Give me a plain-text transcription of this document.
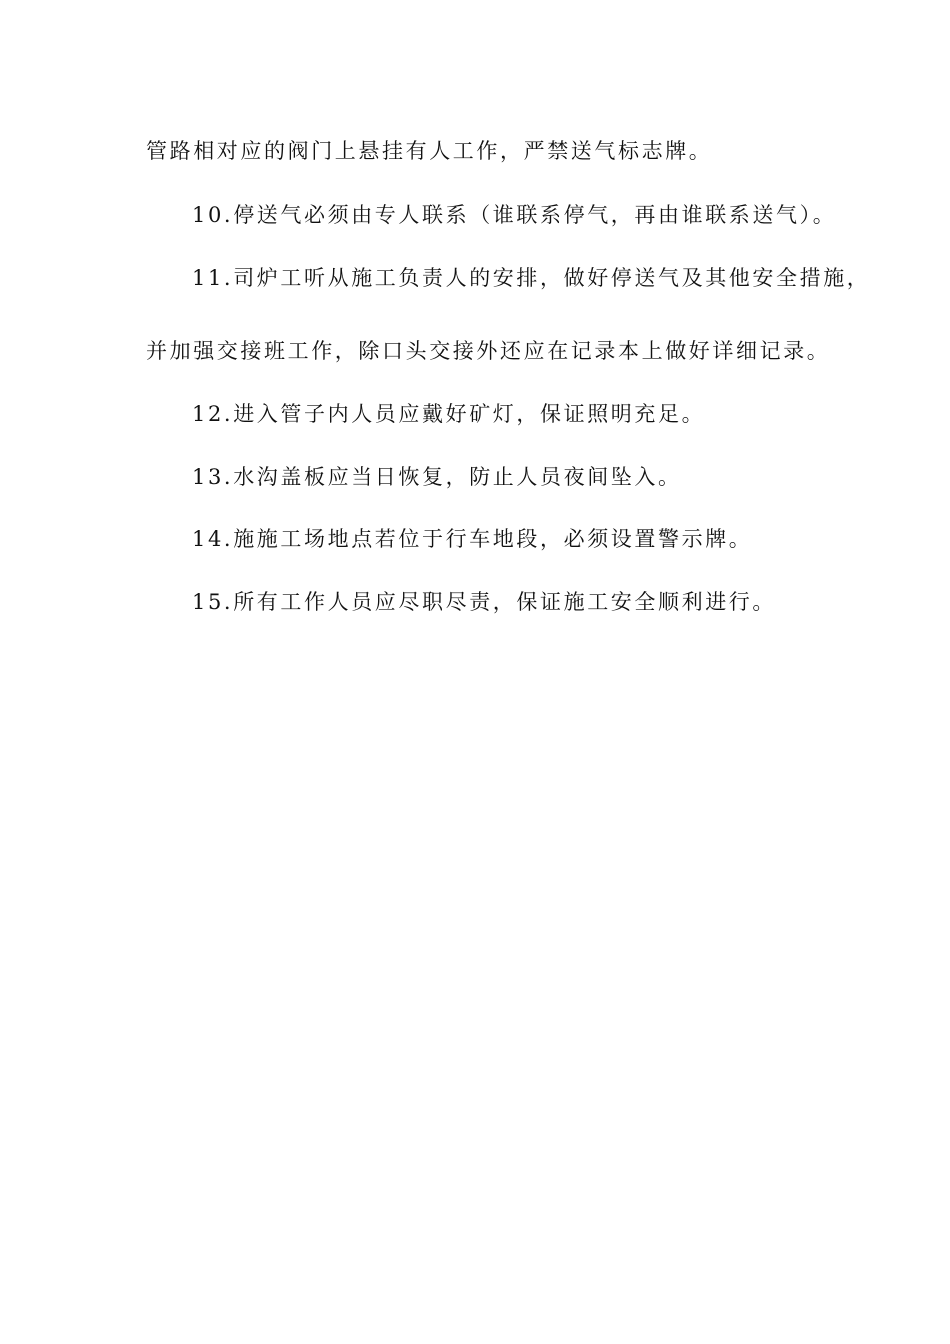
管路相对应的阀门上悬挂有人工作，严禁送气标志牌。
10.停送气必须由专人联系（谁联系停气，再由谁联系送气）。
11.司炉工听从施工负责人的安排，做好停送气及其他安全措施，
并加强交接班工作，除口头交接外还应在记录本上做好详细记录。
12.进入管子内人员应戴好矿灯，保证照明充足。
13.水沟盖板应当日恢复，防止人员夜间坠入。
14.施施工场地点若位于行车地段，必须设置警示牌。
15.所有工作人员应尽职尽责，保证施工安全顺利进行。
